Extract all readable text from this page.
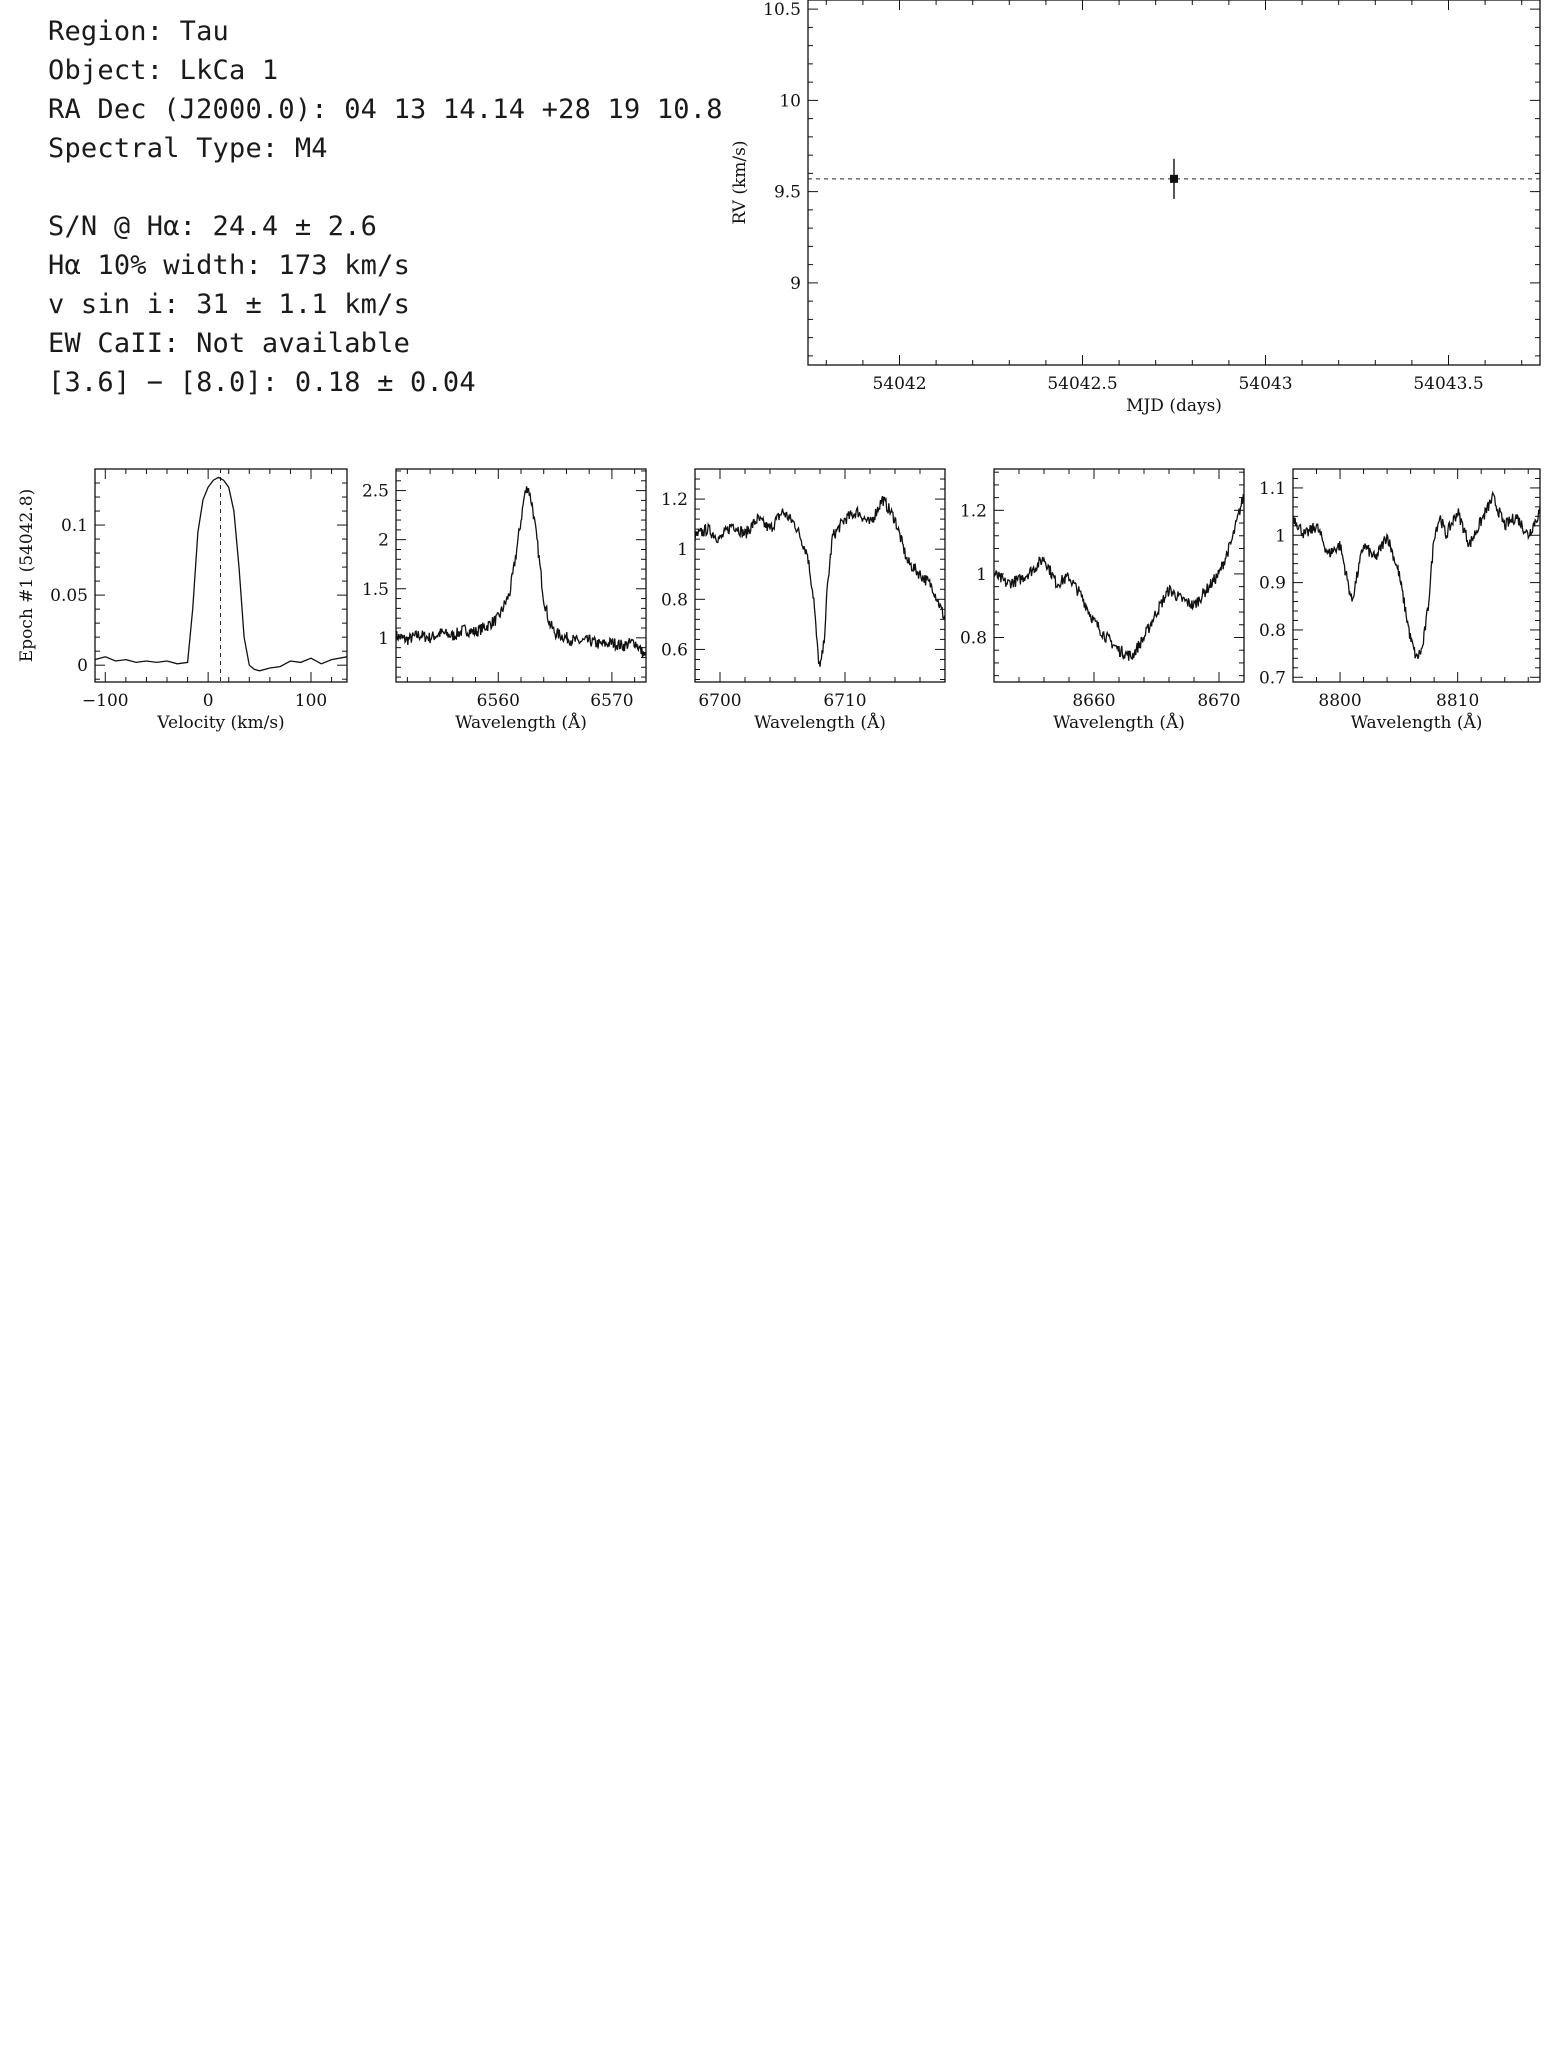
Region: Tau
Object: LkCa 1
RA Dec (J2000.0): 04 13 14.14 +28 19 10.8
Spectral Type: M4
S/N @ Hα: 24.4 ± 2.6
Hα 10% width: 173 km/s
v sin i: 31 ± 1.1 km/s
EW CaII: Not available
[3.6] − [8.0]: 0.18 ± 0.04	54042	54042.5	54043	54043.5
9
9.5
10
10.5
MJD (days)
RV (km/s)
−100	0	100
0
0.05
0.1
Velocity (km/s)
Epoch #1 (54042.8)
6560	6570
1
1.5
2
2.5
Wavelength (Å)
6700	6710
0.6
0.8
1
1.2
Wavelength (Å)
8660	8670
0.8
1
1.2
Wavelength (Å)
8800	8810
0.7
0.8
0.9
1
1.1
Wavelength (Å)
